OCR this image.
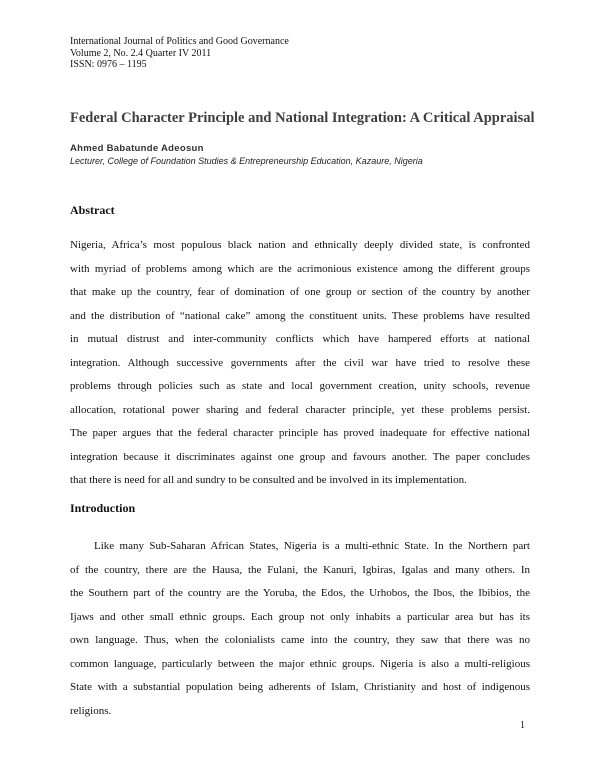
International Journal of Politics and Good Governance
Volume 2, No. 2.4 Quarter IV 2011
ISSN: 0976 – 1195
Federal Character Principle and National Integration: A Critical Appraisal
Ahmed Babatunde Adeosun
Lecturer, College of Foundation Studies & Entrepreneurship Education, Kazaure, Nigeria
Abstract
Nigeria, Africa’s most populous black nation and ethnically deeply divided state, is confronted
with myriad of problems among which are the acrimonious existence among the different groups
that make up the country, fear of domination of one group or section of the country by another
and the distribution of “national cake” among the constituent units. These problems have resulted
in mutual distrust and inter-community conflicts which have hampered efforts at national
integration. Although successive governments after the civil war have tried to resolve these
problems through policies such as state and local government creation, unity schools, revenue
allocation, rotational power sharing and federal character principle, yet these problems persist.
The paper argues that the federal character principle has proved inadequate for effective national
integration because it discriminates against one group and favours another. The paper concludes
that there is need for all and sundry to be consulted and be involved in its implementation.
Introduction
Like many Sub-Saharan African States, Nigeria is a multi-ethnic State. In the Northern part
of the country, there are the Hausa, the Fulani, the Kanuri, Igbiras, Igalas and many others. In
the Southern part of the country are the Yoruba, the Edos, the Urhobos, the Ibos, the Ibibios, the
Ijaws and other small ethnic groups. Each group not only inhabits a particular area but has its
own language. Thus, when the colonialists came into the country, they saw that there was no
common language, particularly between the major ethnic groups. Nigeria is also a multi-religious
State with a substantial population being adherents of Islam, Christianity and host of indigenous
religions.
1
